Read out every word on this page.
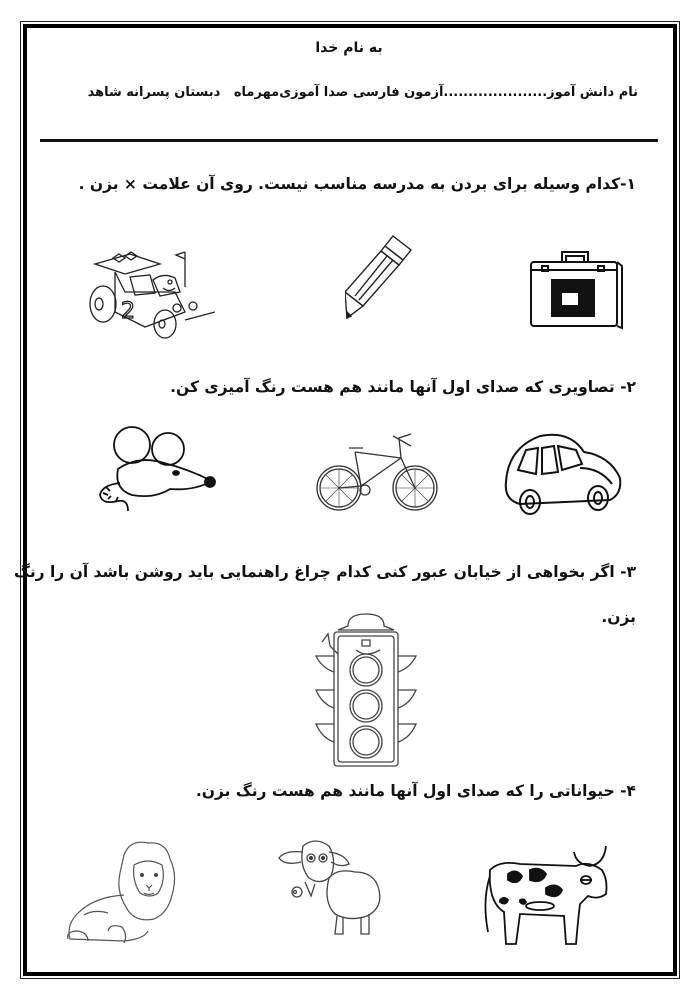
به نام خدا
نام دانش آموز.....................
آزمون فارسی صدا آموزی
مهرماه   دبستان پسرانه شاهد
۱-کدام وسیله برای بردن به مدرسه مناسب نیست. روی آن علامت × بزن .
2
۲- تصاویری که صدای اول آنها مانند هم هست رنگ آمیزی کن.
۳- اگر بخواهی از خیابان عبور کنی کدام چراغ راهنمایی باید روشن باشد آن را رنگ
بزن.
۴- حیواناتی را که صدای اول آنها مانند هم هست رنگ بزن.
